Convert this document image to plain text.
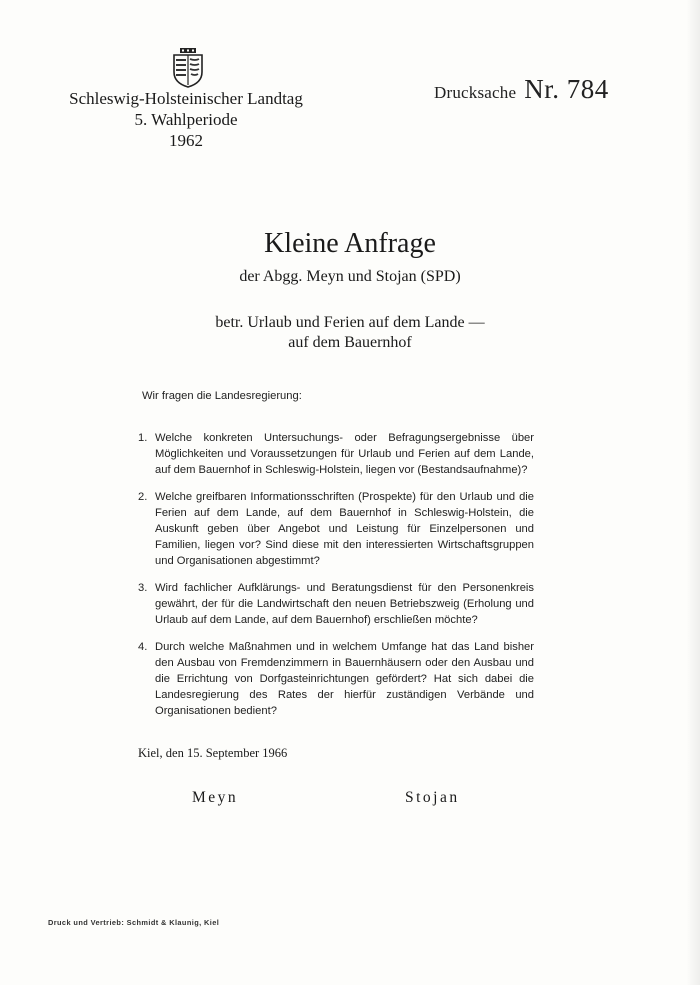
Schleswig-Holsteinischer Landtag
5. Wahlperiode
1962
Drucksache Nr. 784
Kleine Anfrage
der Abgg. Meyn und Stojan (SPD)
betr. Urlaub und Ferien auf dem Lande —
auf dem Bauernhof
Wir fragen die Landesregierung:
1. Welche konkreten Untersuchungs- oder Befragungsergebnisse über Möglichkeiten und Voraussetzungen für Urlaub und Ferien auf dem Lande, auf dem Bauernhof in Schleswig-Holstein, liegen vor (Bestandsaufnahme)?
2. Welche greifbaren Informationsschriften (Prospekte) für den Urlaub und die Ferien auf dem Lande, auf dem Bauernhof in Schleswig-Holstein, die Auskunft geben über Angebot und Leistung für Einzelpersonen und Familien, liegen vor? Sind diese mit den interessierten Wirtschaftsgruppen und Organisationen abgestimmt?
3. Wird fachlicher Aufklärungs- und Beratungsdienst für den Personenkreis gewährt, der für die Landwirtschaft den neuen Betriebszweig (Erholung und Urlaub auf dem Lande, auf dem Bauernhof) erschließen möchte?
4. Durch welche Maßnahmen und in welchem Umfange hat das Land bisher den Ausbau von Fremdenzimmern in Bauernhäusern oder den Ausbau und die Errichtung von Dorfgasteinrichtungen gefördert? Hat sich dabei die Landesregierung des Rates der hierfür zuständigen Verbände und Organisationen bedient?
Kiel, den 15. September 1966
Meyn	Stojan
Druck und Vertrieb: Schmidt & Klaunig, Kiel
